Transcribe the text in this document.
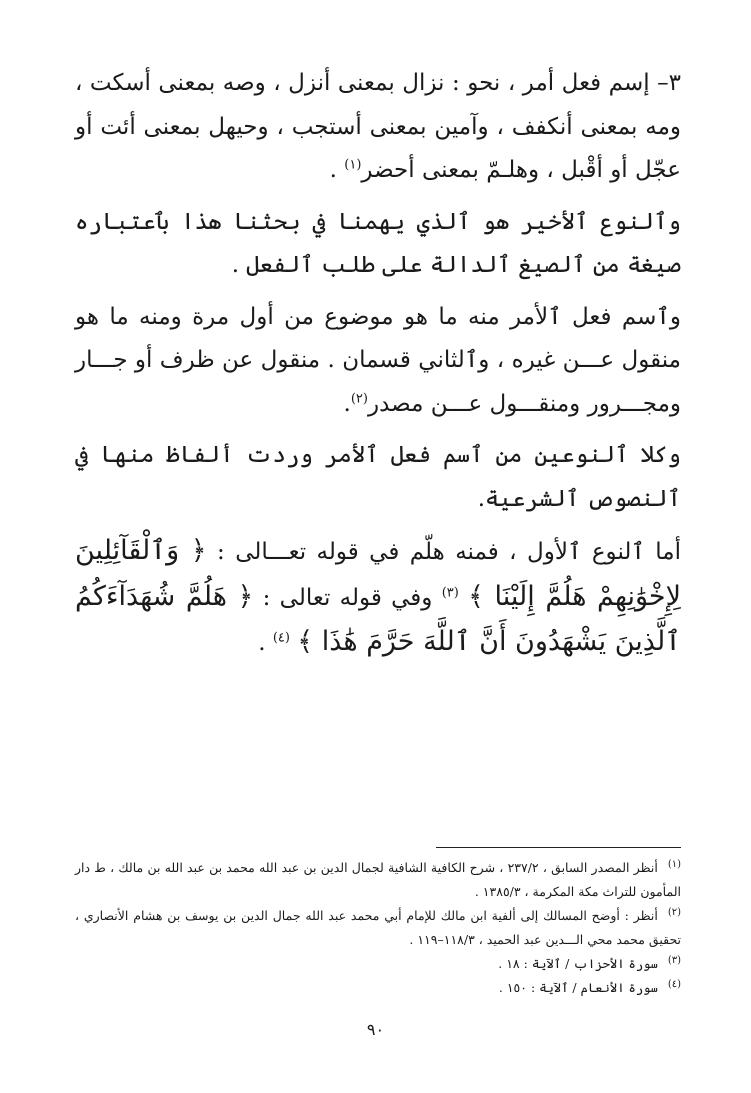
٣– إسم فعل أمر ، نحو : نزال بمعنى أنزل ، وصه بمعنى أسكت ، ومه بمعنى أنكفف ، وآمين بمعنى أستجب ، وحيهل بمعنى أئت أو عجّل أو أقْبل ، وهلـمّ بمعنى أحضر$^{(١)}$ .

وٱلنوع ٱلأخير هو ٱلذي يهمنا في بحثنا هذا بٱعتباره صيغة من ٱلصيغ ٱلدالة على طلب ٱلفعل .

وٱسم فعل ٱلأمر منه ما هو موضوع من أول مرة ومنه ما هو منقول عـــن غيره ، وٱلثاني قسمان . منقول عن ظرف أو جـــار ومجـــرور ومنقـــول عـــن مصدر$^{(٢)}$.

وكلا ٱلنوعين من ٱسم فعل ٱلأمر وردت ألفاظ منها في ٱلنصوص ٱلشرعية.

أما ٱلنوع ٱلأول ، فمنه هلّم في قوله تعـــالى : ﴿ وَٱلْقَآئِلِينَ لِإِخْوَٰنِهِمْ هَلُمَّ إِلَيْنَا ﴾ $^{(٣)}$ وفي قوله تعالى : ﴿ هَلُمَّ شُهَدَآءَكُمُ ٱلَّذِينَ يَشْهَدُونَ أَنَّ ٱللَّهَ حَرَّمَ هَٰذَا ﴾ $^{(٤)}$ .

$^{(١)}$أنظر المصدر السابق ، ٢٣٧/٢ ، شرح الكافية الشافية لجمال الدين بن عبد الله محمد بن عبد الله بن مالك ، ط دار المأمون للتراث مكة المكرمة ، ١٣٨٥/٣ .

$^{(٢)}$أنظر : أوضح المسالك إلى ألفية ابن مالك للإمام أبي محمد عبد الله جمال الدين بن يوسف بن هشام الأنصاري ، تحقيق محمد محي الـــدين عبد الحميد ، ١١٨/٣–١١٩ .

$^{(٣)}$سورة الأحزاب / ٱلآية : ١٨ .

$^{(٤)}$سورة الأنعام / ٱلآية : ١٥٠ .

٩٠
